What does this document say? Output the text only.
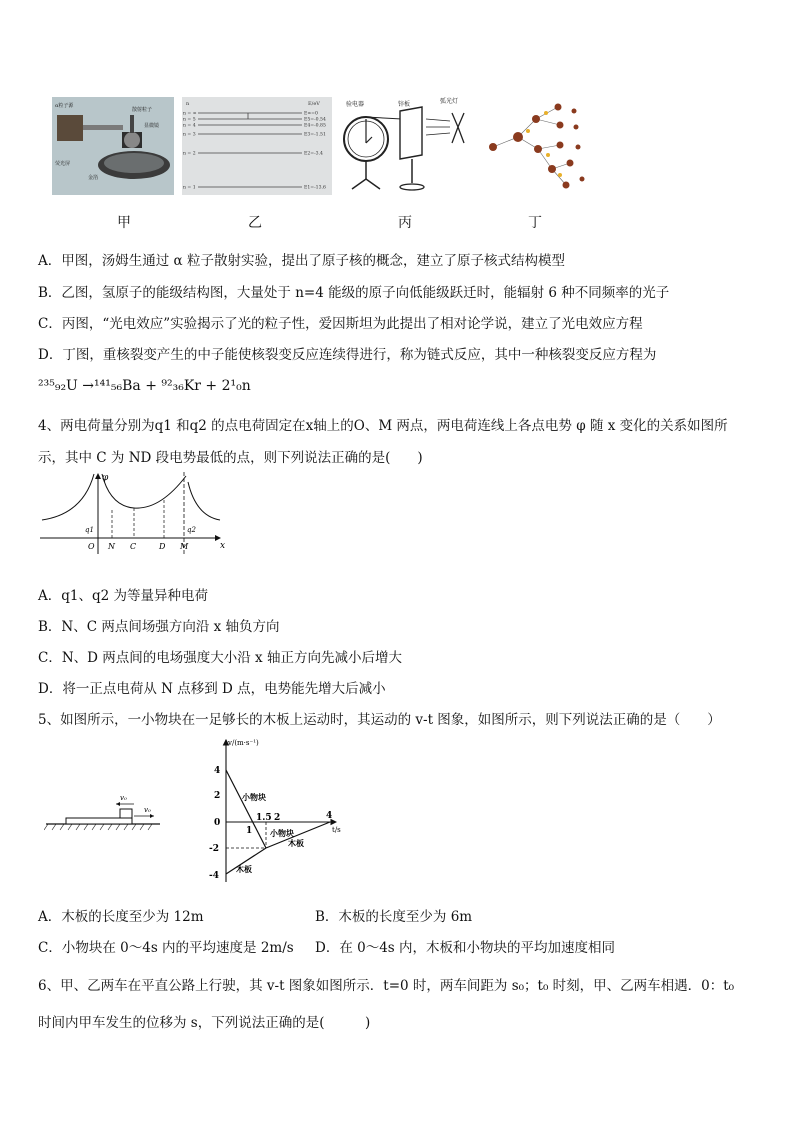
α粒子源
散射粒子
显微镜
荧光屏
金箔
E/eV
n
n = ∞	E∞=0
n = 5	E5=-0.54
n = 4	E4=-0.85
n = 3	E3=-1.51
n = 2	E2=-3.4
n = 1	E1=-13.6
验电器	锌板	弧光灯
甲	乙	丙	丁
A．甲图，汤姆生通过 α 粒子散射实验，提出了原子核的概念，建立了原子核式结构模型
B．乙图，氢原子的能级结构图，大量处于 n=4 能级的原子向低能级跃迁时，能辐射 6 种不同频率的光子
C．丙图，“光电效应”实验揭示了光的粒子性，爱因斯坦为此提出了相对论学说，建立了光电效应方程
D．丁图，重核裂变产生的中子能使核裂变反应连续得进行，称为链式反应，其中一种核裂变反应方程为
²³⁵₉₂U →¹⁴¹₅₆Ba + ⁹²₃₆Kr + 2¹₀n
4、两电荷量分别为q1 和q2 的点电荷固定在x轴上的O、M 两点，两电荷连线上各点电势 φ 随 x 变化的关系如图所
示，其中 C 为 ND 段电势最低的点，则下列说法正确的是(　　)
φ
x
O N C	D M
q1	q2
A．q1、q2 为等量异种电荷
B．N、C 两点间场强方向沿 x 轴负方向
C．N、D 两点间的电场强度大小沿 x 轴正方向先减小后增大
D．将一正点电荷从 N 点移到 D 点，电势能先增大后减小
5、如图所示，一小物块在一足够长的木板上运动时，其运动的 v-t 图象，如图所示，则下列说法正确的是（　　）
v₀
v₀
v/(m·s⁻¹)
t/s
4
2
0
-2
-4
1
1.5 2	4
小物块
小物块
木板
木板
A．木板的长度至少为 12m	B．木板的长度至少为 6m
C．小物块在 0～4s 内的平均速度是 2m/s D．在 0～4s 内，木板和小物块的平均加速度相同
6、甲、乙两车在平直公路上行驶，其 v-t 图象如图所示．t=0 时，两车间距为 s₀；t₀ 时刻，甲、乙两车相遇．0：t₀
时间内甲车发生的位移为 s，下列说法正确的是(　　　)
